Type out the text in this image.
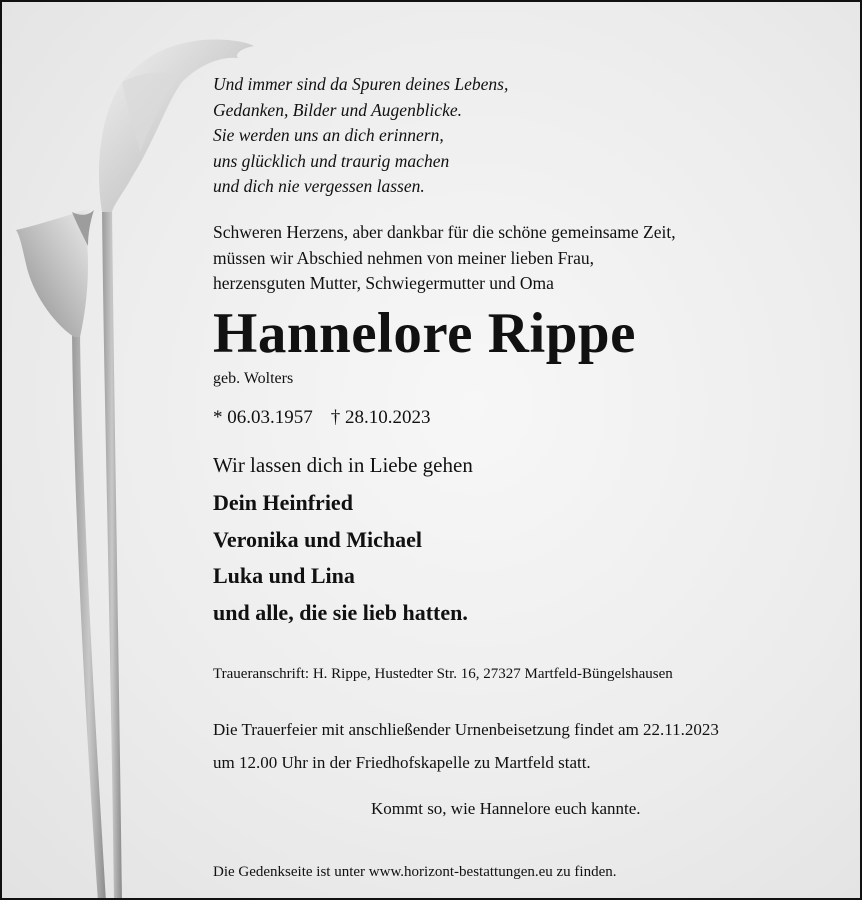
Und immer sind da Spuren deines Lebens,
Gedanken, Bilder und Augenblicke.
Sie werden uns an dich erinnern,
uns glücklich und traurig machen
und dich nie vergessen lassen.
Schweren Herzens, aber dankbar für die schöne gemeinsame Zeit,
müssen wir Abschied nehmen von meiner lieben Frau,
herzensguten Mutter, Schwiegermutter und Oma
Hannelore Rippe
geb. Wolters
* 06.03.1957 † 28.10.2023
Wir lassen dich in Liebe gehen
Dein Heinfried
Veronika und Michael
Luka und Lina
und alle, die sie lieb hatten.
Traueranschrift: H. Rippe, Hustedter Str. 16, 27327 Martfeld-Büngelshausen
Die Trauerfeier mit anschließender Urnenbeisetzung findet am 22.11.2023
um 12.00 Uhr in der Friedhofskapelle zu Martfeld statt.
Kommt so, wie Hannelore euch kannte.
Die Gedenkseite ist unter www.horizont-bestattungen.eu zu finden.
